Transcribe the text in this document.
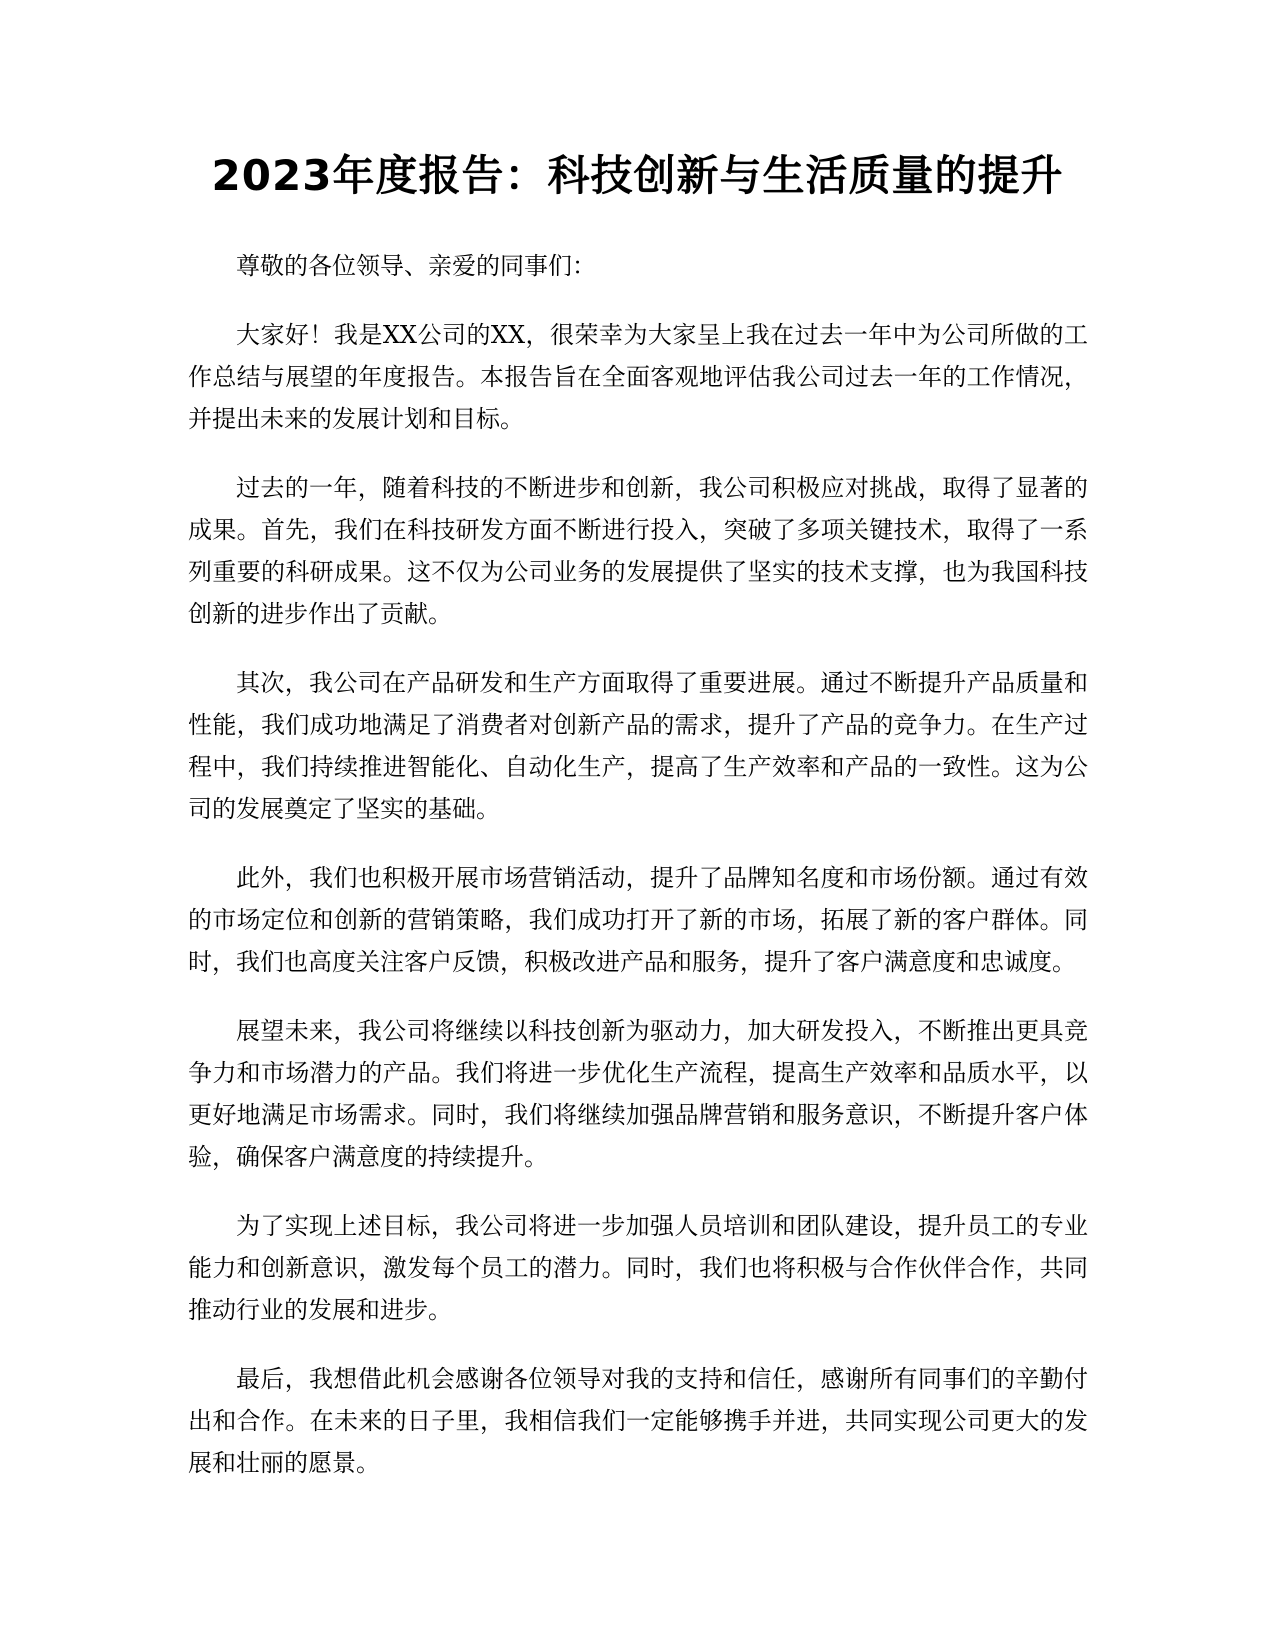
2023年度报告：科技创新与生活质量的提升

尊敬的各位领导、亲爱的同事们：

大家好！我是XX公司的XX，很荣幸为大家呈上我在过去一年中为公司所做的工作总结与展望的年度报告。本报告旨在全面客观地评估我公司过去一年的工作情况，并提出未来的发展计划和目标。

过去的一年，随着科技的不断进步和创新，我公司积极应对挑战，取得了显著的成果。首先，我们在科技研发方面不断进行投入，突破了多项关键技术，取得了一系列重要的科研成果。这不仅为公司业务的发展提供了坚实的技术支撑，也为我国科技创新的进步作出了贡献。

其次，我公司在产品研发和生产方面取得了重要进展。通过不断提升产品质量和性能，我们成功地满足了消费者对创新产品的需求，提升了产品的竞争力。在生产过程中，我们持续推进智能化、自动化生产，提高了生产效率和产品的一致性。这为公司的发展奠定了坚实的基础。

此外，我们也积极开展市场营销活动，提升了品牌知名度和市场份额。通过有效的市场定位和创新的营销策略，我们成功打开了新的市场，拓展了新的客户群体。同时，我们也高度关注客户反馈，积极改进产品和服务，提升了客户满意度和忠诚度。

展望未来，我公司将继续以科技创新为驱动力，加大研发投入，不断推出更具竞争力和市场潜力的产品。我们将进一步优化生产流程，提高生产效率和品质水平，以更好地满足市场需求。同时，我们将继续加强品牌营销和服务意识，不断提升客户体验，确保客户满意度的持续提升。

为了实现上述目标，我公司将进一步加强人员培训和团队建设，提升员工的专业能力和创新意识，激发每个员工的潜力。同时，我们也将积极与合作伙伴合作，共同推动行业的发展和进步。

最后，我想借此机会感谢各位领导对我的支持和信任，感谢所有同事们的辛勤付出和合作。在未来的日子里，我相信我们一定能够携手并进，共同实现公司更大的发展和壮丽的愿景。
